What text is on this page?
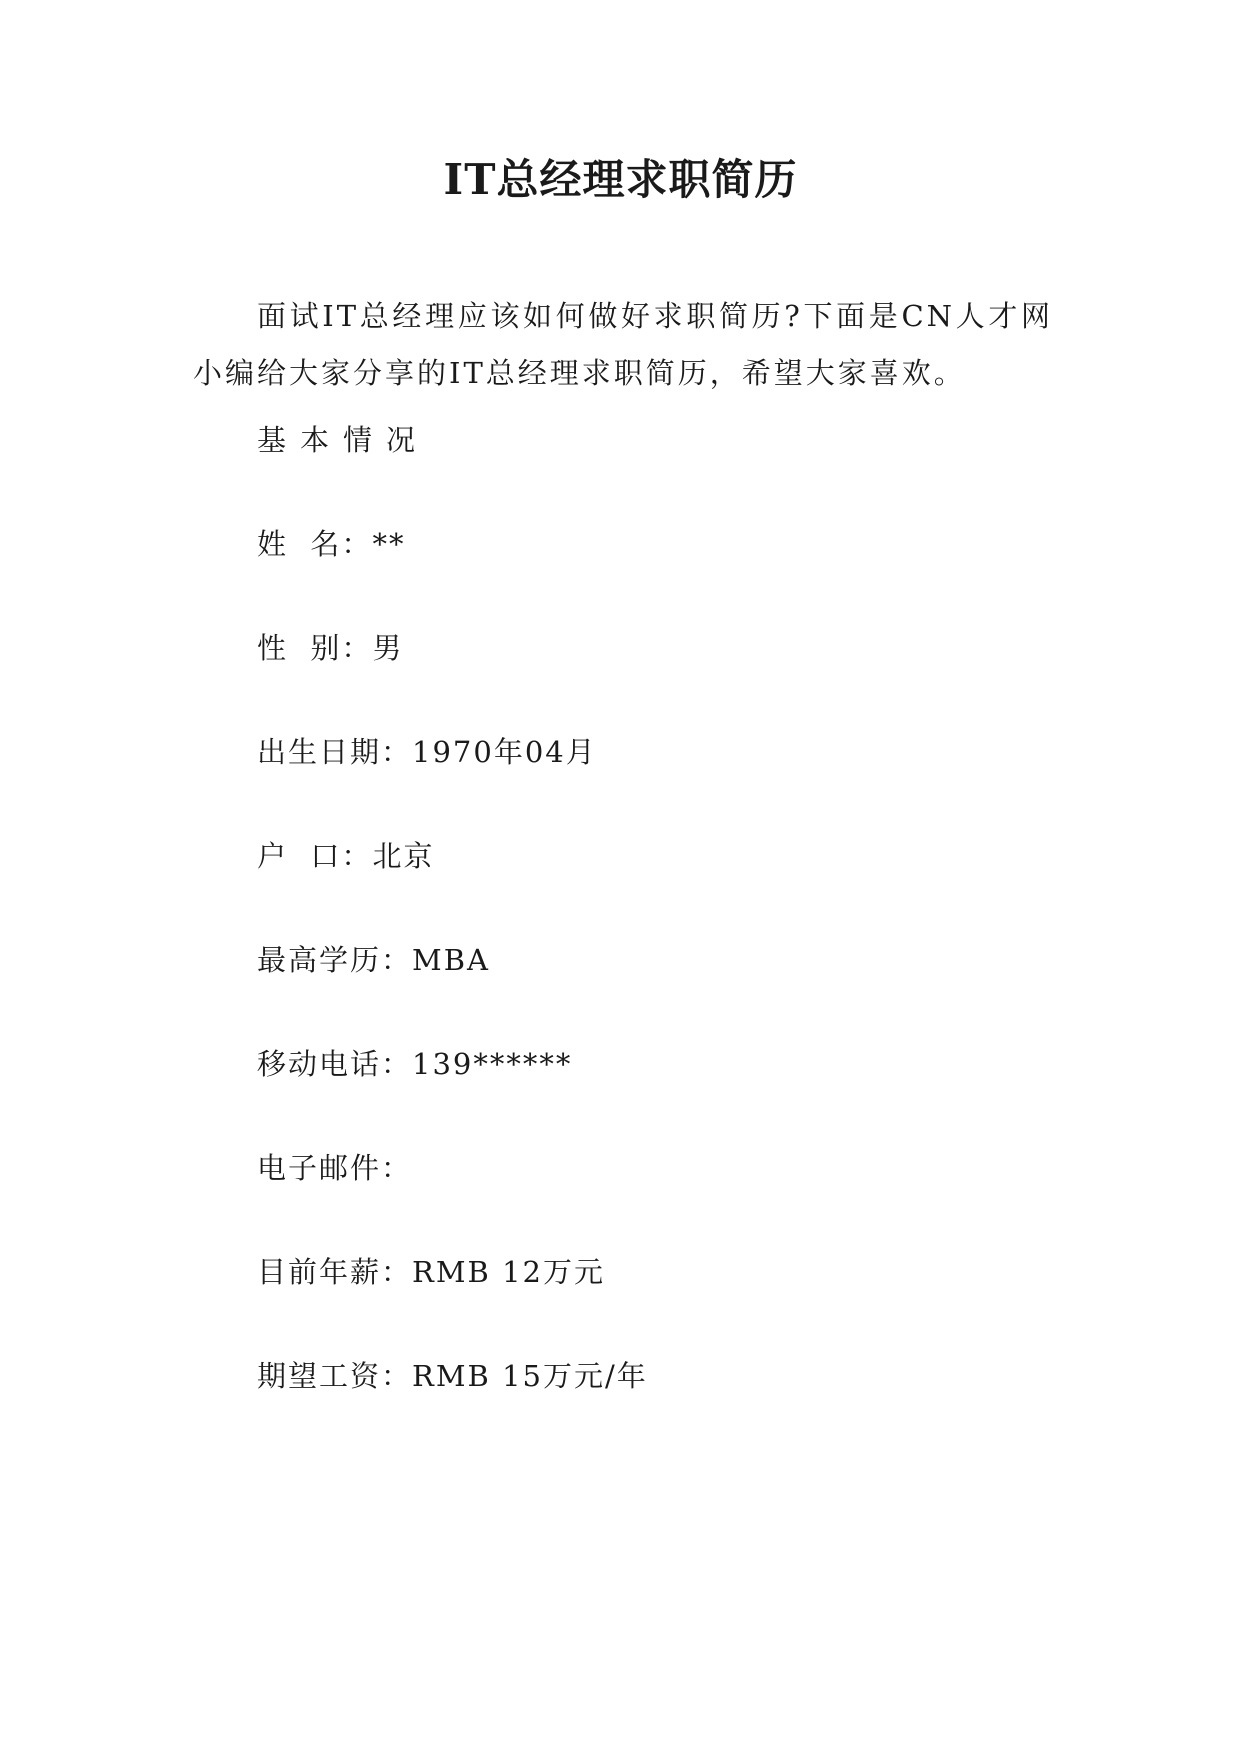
IT总经理求职简历

面试IT总经理应该如何做好求职简历?下面是CN人才网小编给大家分享的IT总经理求职简历，希望大家喜欢。

基本情况
姓  名：**
性  别：男
出生日期：1970年04月
户  口：北京
最高学历：MBA
移动电话：139******
电子邮件：
目前年薪：RMB 12万元
期望工资：RMB 15万元/年
